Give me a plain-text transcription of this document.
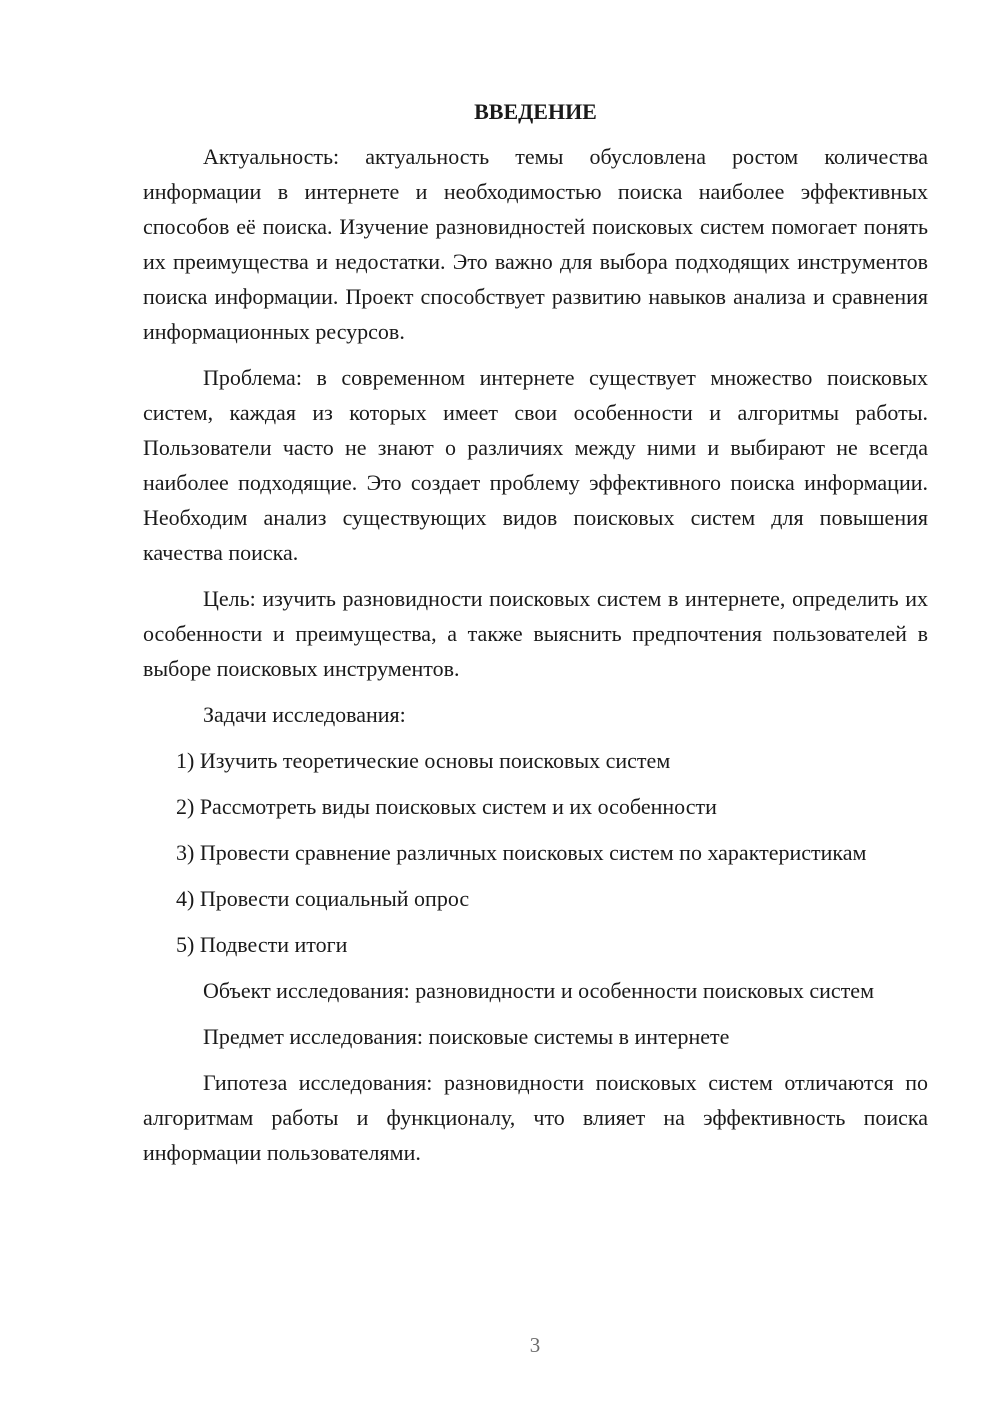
ВВЕДЕНИЕ

Актуальность: актуальность темы обусловлена ростом количества информации в интернете и необходимостью поиска наиболее эффективных способов её поиска. Изучение разновидностей поисковых систем помогает понять их преимущества и недостатки. Это важно для выбора подходящих инструментов поиска информации. Проект способствует развитию навыков анализа и сравнения информационных ресурсов.

Проблема: в современном интернете существует множество поисковых систем, каждая из которых имеет свои особенности и алгоритмы работы. Пользователи часто не знают о различиях между ними и выбирают не всегда наиболее подходящие. Это создает проблему эффективного поиска информации. Необходим анализ существующих видов поисковых систем для повышения качества поиска.

Цель: изучить разновидности поисковых систем в интернете, определить их особенности и преимущества, а также выяснить предпочтения пользователей в выборе поисковых инструментов.

Задачи исследования:

1) Изучить теоретические основы поисковых систем

2) Рассмотреть виды поисковых систем и их особенности

3) Провести сравнение различных поисковых систем по характеристикам

4) Провести социальный опрос

5) Подвести итоги

Объект исследования: разновидности и особенности поисковых систем

Предмет исследования: поисковые системы в интернете

Гипотеза исследования: разновидности поисковых систем отличаются по алгоритмам работы и функционалу, что влияет на эффективность поиска информации пользователями.

3
